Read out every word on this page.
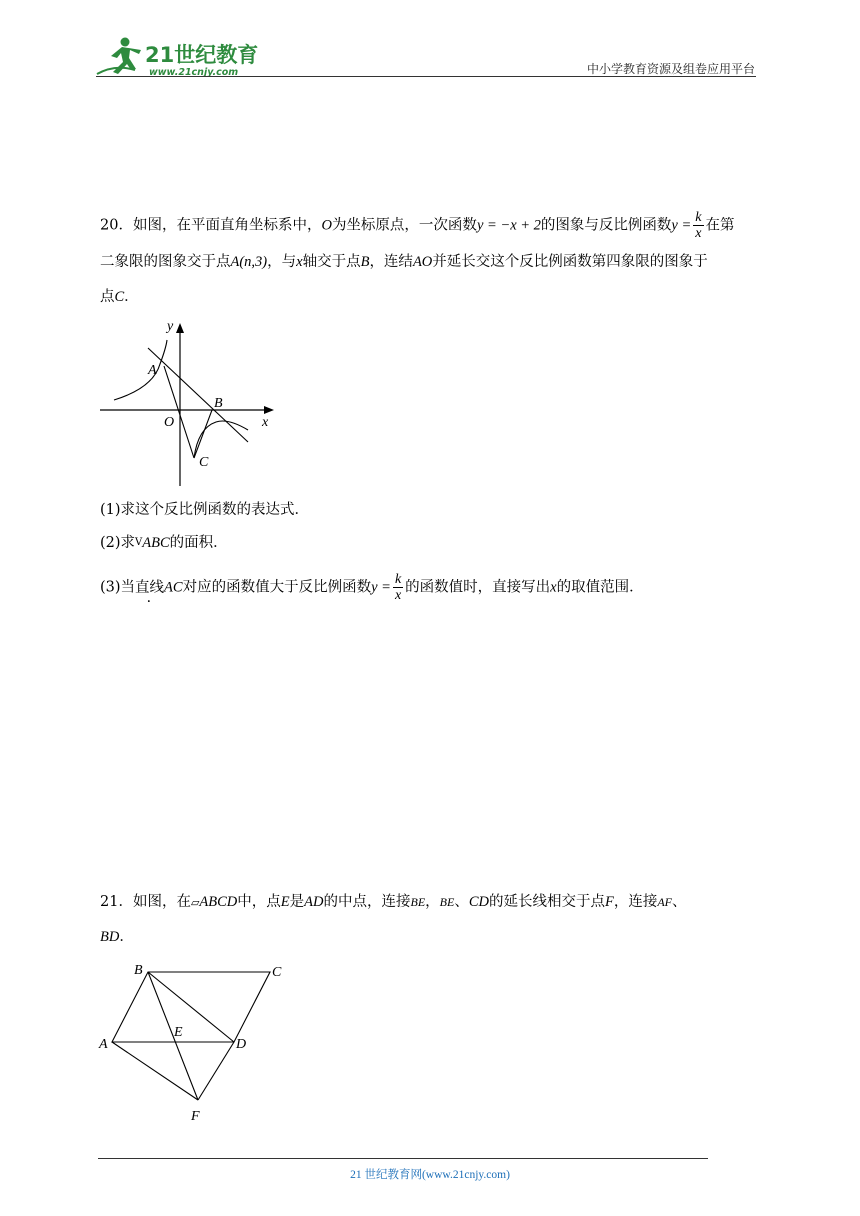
21世纪教育
www.21cnjy.com	中小学教育资源及组卷应用平台
20．如图，在平面直角坐标系中，O为坐标原点，一次函数y = −x + 2的图象与反比例函数$y = \frac{k}{x}$ 在第
二象限的图象交于点A(n,3)，与x轴交于点B，连结AO并延长交这个反比例函数第四象限的图象于
点C．
y
x
A
B
O
C
(1)求这个反比例函数的表达式．
(2)求VABC的面积．
(3)当直线AC对应的函数值大于反比例函数$y = \frac{k}{x}$ 的函数值时，直接写出x的取值范围．
21．如图，在▱ABCD中，点E是AD的中点，连接BE，BE、CD的延长线相交于点F，连接AF、
BD．
A
B	C
D
E
F
21 世纪教育网(www.21cnjy.com)
